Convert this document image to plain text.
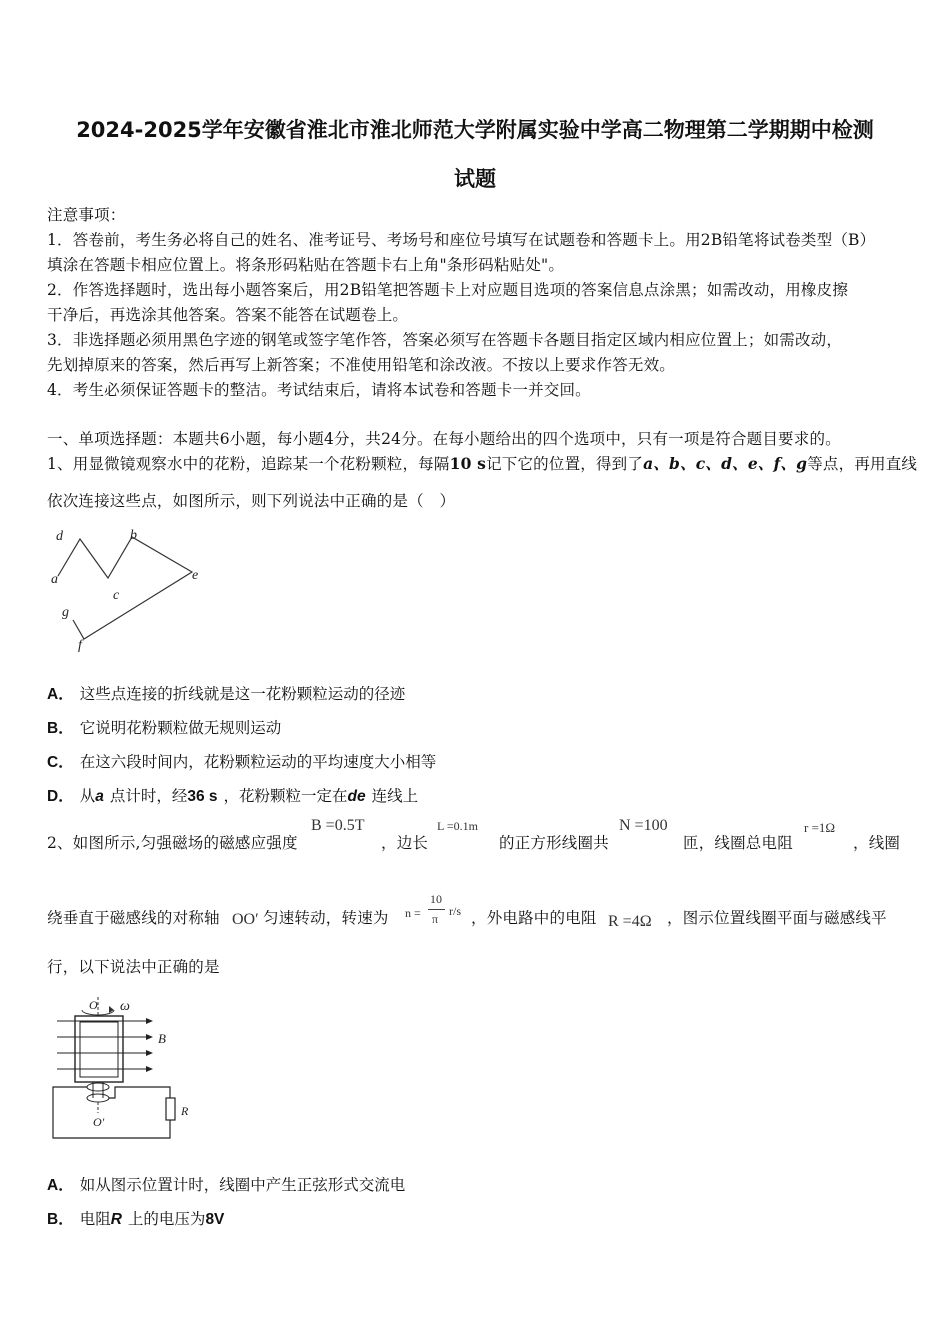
2024-2025学年安徽省淮北市淮北师范大学附属实验中学高二物理第二学期期中检测
试题
注意事项：
1．答卷前，考生务必将自己的姓名、准考证号、考场号和座位号填写在试题卷和答题卡上。用2B铅笔将试卷类型（B）
填涂在答题卡相应位置上。将条形码粘贴在答题卡右上角"条形码粘贴处"。
2．作答选择题时，选出每小题答案后，用2B铅笔把答题卡上对应题目选项的答案信息点涂黑；如需改动，用橡皮擦
干净后，再选涂其他答案。答案不能答在试题卷上。
3．非选择题必须用黑色字迹的钢笔或签字笔作答，答案必须写在答题卡各题目指定区域内相应位置上；如需改动，
先划掉原来的答案，然后再写上新答案；不准使用铅笔和涂改液。不按以上要求作答无效。
4．考生必须保证答题卡的整洁。考试结束后，请将本试卷和答题卡一并交回。
一、单项选择题：本题共6小题，每小题4分，共24分。在每小题给出的四个选项中，只有一项是符合题目要求的。
1、用显微镜观察水中的花粉，追踪某一个花粉颗粒，每隔10 s记下它的位置，得到了a、b、c、d、e、f、g等点，再用直线
依次连接这些点，如图所示，则下列说法中正确的是（　）
d	b
a
c
e
g
f
A． 这些点连接的折线就是这一花粉颗粒运动的径迹
B． 它说明花粉颗粒做无规则运动
C． 在这六段时间内，花粉颗粒运动的平均速度大小相等
D． 从a 点计时，经36 s ，花粉颗粒一定在de 连线上
2、如图所示,匀强磁场的磁感应强度
B =0.5T
，边长
L =0.1m
的正方形线圈共
N =100
匝，线圈总电阻
r =1Ω
，线圈
绕垂直于磁感线的对称轴 OO′ 匀速转动，转速为 n =
10
π
r/s ，外电路中的电阻 R =4Ω ，图示位置线圈平面与磁感线平
行，以下说法中正确的是
O ω
B
R
O′
A． 如从图示位置计时，线圈中产生正弦形式交流电
B． 电阻R 上的电压为8V
